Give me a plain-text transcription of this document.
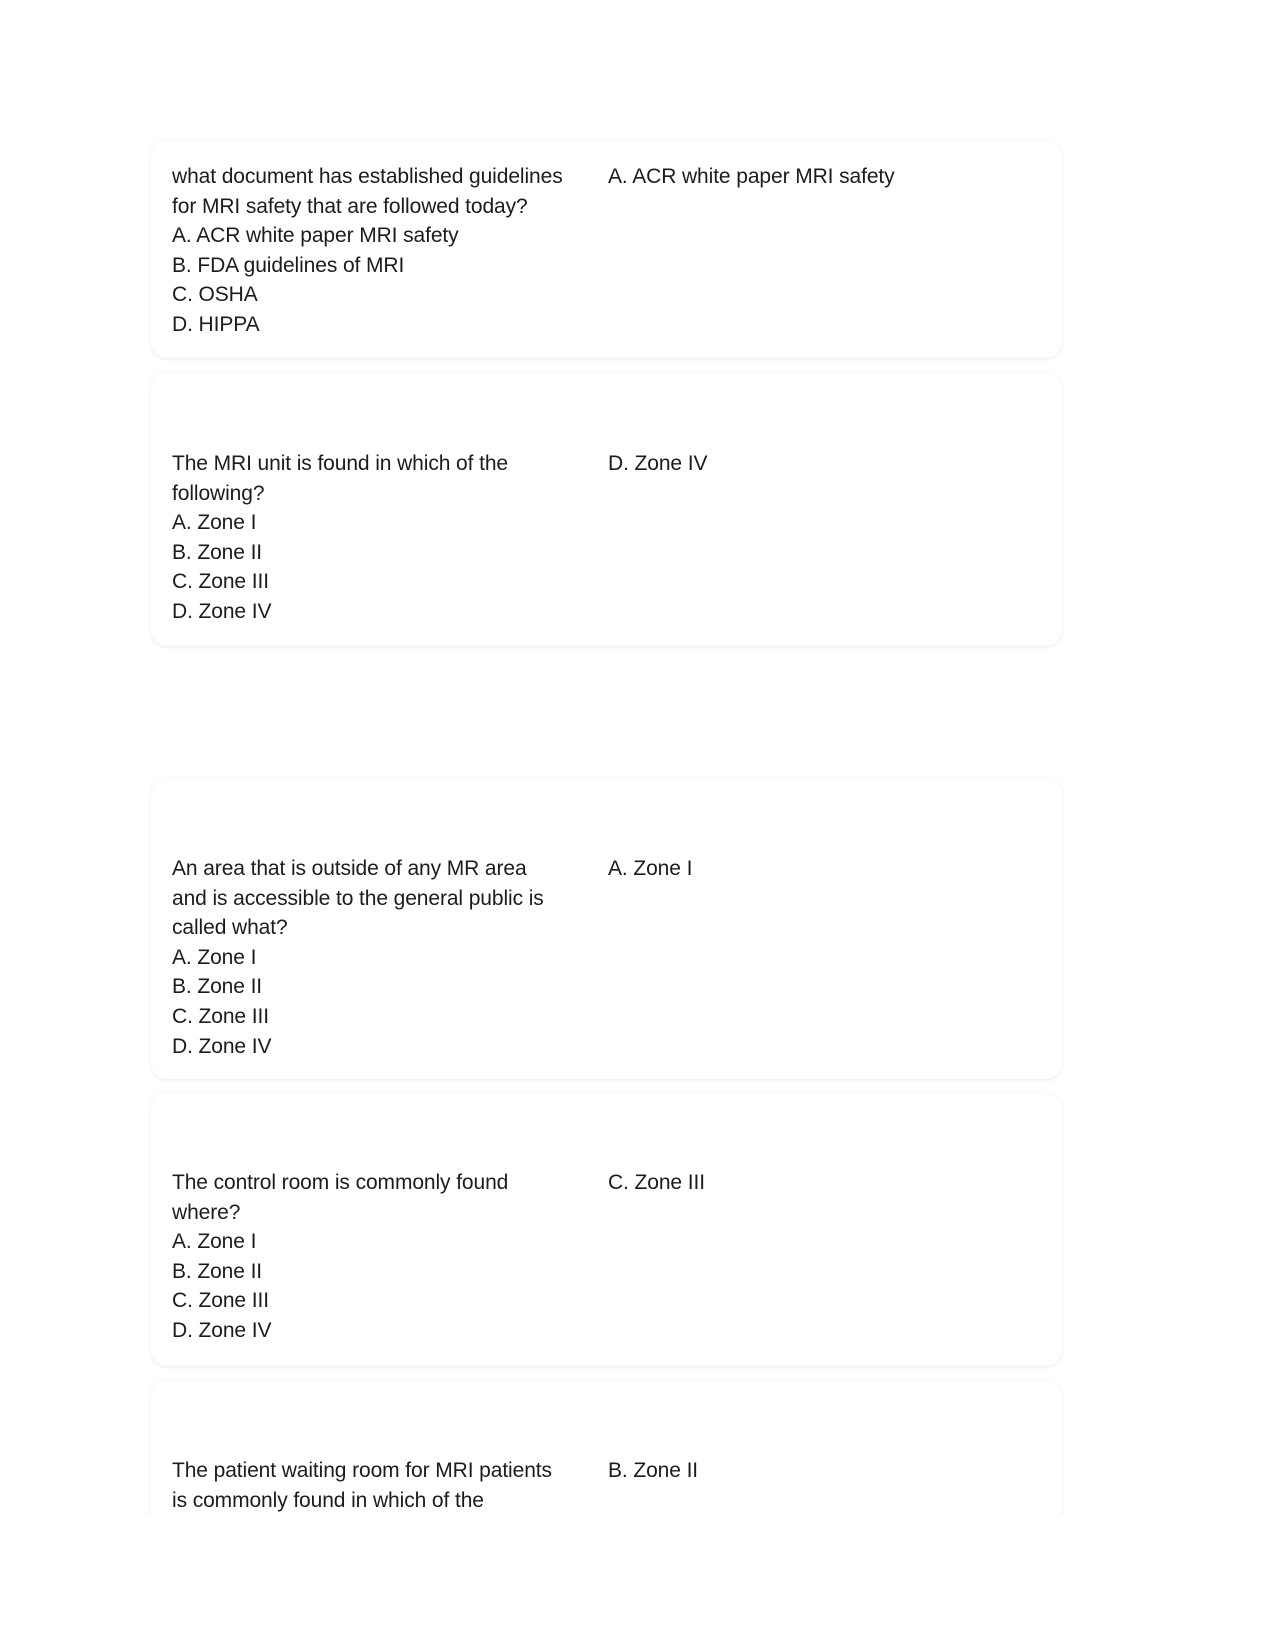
what document has established guidelines
for MRI safety that are followed today?
A. ACR white paper MRI safety
B. FDA guidelines of MRI
C. OSHA
D. HIPPA
A. ACR white paper MRI safety
The MRI unit is found in which of the
following?
A. Zone I
B. Zone II
C. Zone III
D. Zone IV
D. Zone IV
An area that is outside of any MR area
and is accessible to the general public is
called what?
A. Zone I
B. Zone II
C. Zone III
D. Zone IV
A. Zone I
The control room is commonly found
where?
A. Zone I
B. Zone II
C. Zone III
D. Zone IV
C. Zone III
The patient waiting room for MRI patients
is commonly found in which of the
B. Zone II
